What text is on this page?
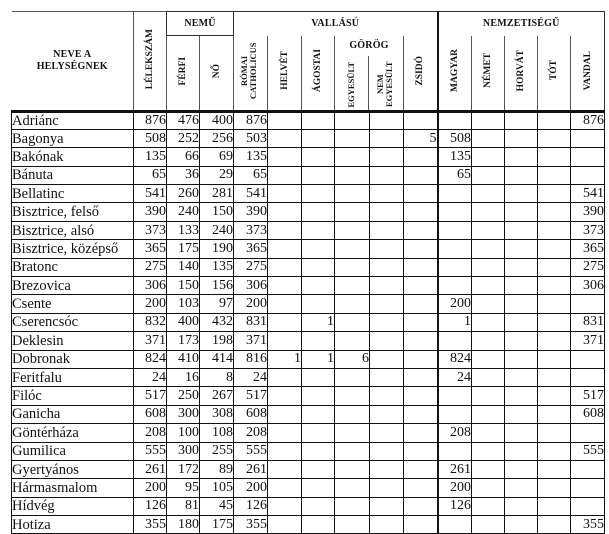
NEVE A HELYSÉGNEK	LÉLEKSZÁM	NEMŰ		VALLÁSÚ						NEMZETISÉGŰ				
		FÉRFI	NŐ	RÓMAI CATHOLICUS	HELVÉT	ÁGOSTAI	GÖRÖG
EGYESÜLT NEM EGYESÜLT		ZSIDÓ	MAGYAR	NÉMET	HORVÁT	TÓT	VANDAL
Adriánc	876	476	400	876										876
Bagonya	508	252	256	503					5	508				
Bakónak	135	66	69	135						135				
Bánuta	65	36	29	65						65				
Bellatinc	541	260	281	541										541
Bisztrice, felső	390	240	150	390										390
Bisztrice, alsó	373	133	240	373										373
Bisztrice, középső	365	175	190	365										365
Bratonc	275	140	135	275										275
Brezovica	306	150	156	306										306
Csente	200	103	97	200						200				
Cserencsóc	832	400	432	831		1				1				831
Deklesin	371	173	198	371										371
Dobronak	824	410	414	816	1	1	6			824				
Feritfalu	24	16	8	24						24				
Filóc	517	250	267	517										517
Ganicha	608	300	308	608										608
Göntérháza	208	100	108	208						208				
Gumilica	555	300	255	555										555
Gyertyános	261	172	89	261						261				
Hármasmalom	200	95	105	200						200				
Hídvég	126	81	45	126						126				
Hotiza	355	180	175	355										355
